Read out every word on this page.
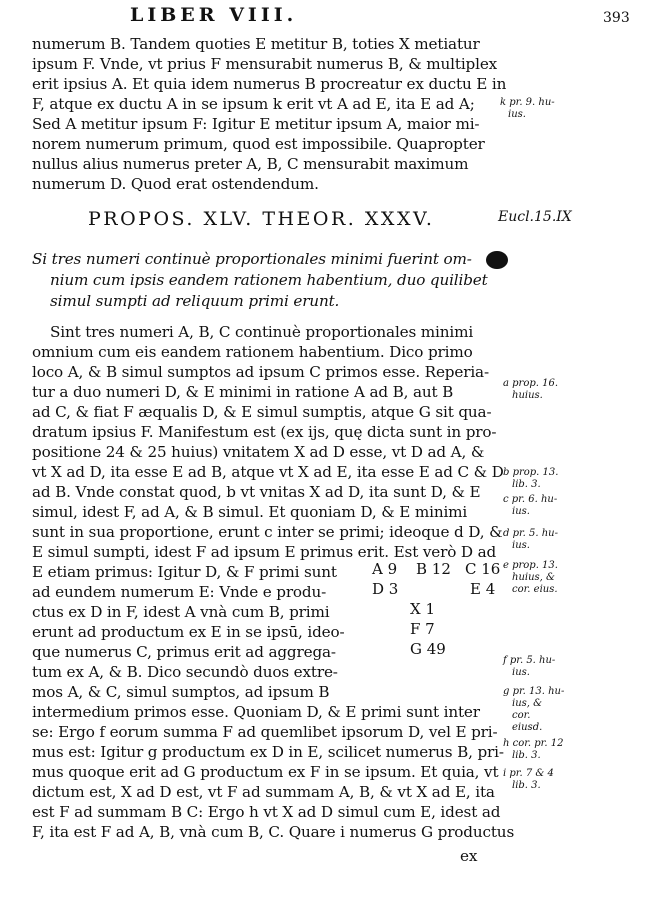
LIBER VIII.	393
numerum B. Tandem quoties E metitur B, toties X metiatur
ipsum F. Vnde, vt prius F mensurabit numerus B, & multiplex
erit ipsius A. Et quia idem numerus B procreatur ex ductu E in
F, atque ex ductu A in se ipsum k erit vt A ad E, ita E ad A;
Sed A metitur ipsum F: Igitur E metitur ipsum A, maior mi-
norem numerum primum, quod est impossibile. Quapropter
nullus alius numerus preter A, B, C mensurabit maximum
numerum D. Quod erat ostendendum.
PROPOS. XLV. THEOR. XXXV.	Eucl.15.IX
Si tres numeri continuè proportionales minimi fuerint om-
nium cum ipsis eandem rationem habentium, duo quilibet
simul sumpti ad reliquum primi erunt.
Sint tres numeri A, B, C continuè proportionales minimi
omnium cum eis eandem rationem habentium. Dico primo
loco A, & B simul sumptos ad ipsum C primos esse. Reperia-
tur a duo numeri D, & E minimi in ratione A ad B, aut B
ad C, & fiat F æqualis D, & E simul sumptis, atque G sit qua-
dratum ipsius F. Manifestum est (ex ijs, quę dicta sunt in pro-
positione 24 & 25 huius) vnitatem X ad D esse, vt D ad A, &
vt X ad D, ita esse E ad B, atque vt X ad E, ita esse E ad C & D
ad B. Vnde constat quod, b vt vnitas X ad D, ita sunt D, & E
simul, idest F, ad A, & B simul. Et quoniam D, & E minimi
sunt in sua proportione, erunt c inter se primi; ideoque d D, &
E simul sumpti, idest F ad ipsum E primus erit. Est verò D ad
E etiam primus: Igitur D, & F primi sunt
ad eundem numerum E: Vnde e produ-
ctus ex D in F, idest A vnà cum B, primi
erunt ad productum ex E in se ipsū, ideo-
que numerus C, primus erit ad aggrega-
tum ex A, & B. Dico secundò duos extre-
mos A, & C, simul sumptos, ad ipsum B
intermedium primos esse. Quoniam D, & E primi sunt inter
se: Ergo f eorum summa F ad quemlibet ipsorum D, vel E pri-
mus est: Igitur g productum ex D in E, scilicet numerus B, pri-
mus quoque erit ad G productum ex F in se ipsum. Et quia, vt
dictum est, X ad D est, vt F ad summam A, B, & vt X ad E, ita
est F ad summam B C: Ergo h vt X ad D simul cum E, idest ad
F, ita est F ad A, B, vnà cum B, C. Quare i numerus G productus
ex
A 9 B 12 C 16
D 3	E 4
X 1
F 7
G 49
k pr. 9. hu-
ius.
a prop. 16.
huius.
b prop. 13.
lib. 3.
c pr. 6. hu-
ius.
d pr. 5. hu-
ius.
e prop. 13.
huius, &
cor. eius.
f pr. 5. hu-
ius.
g pr. 13. hu-
ius, &
cor.
eiusd.
h cor. pr. 12
lib. 3.
i pr. 7 & 4
lib. 3.
